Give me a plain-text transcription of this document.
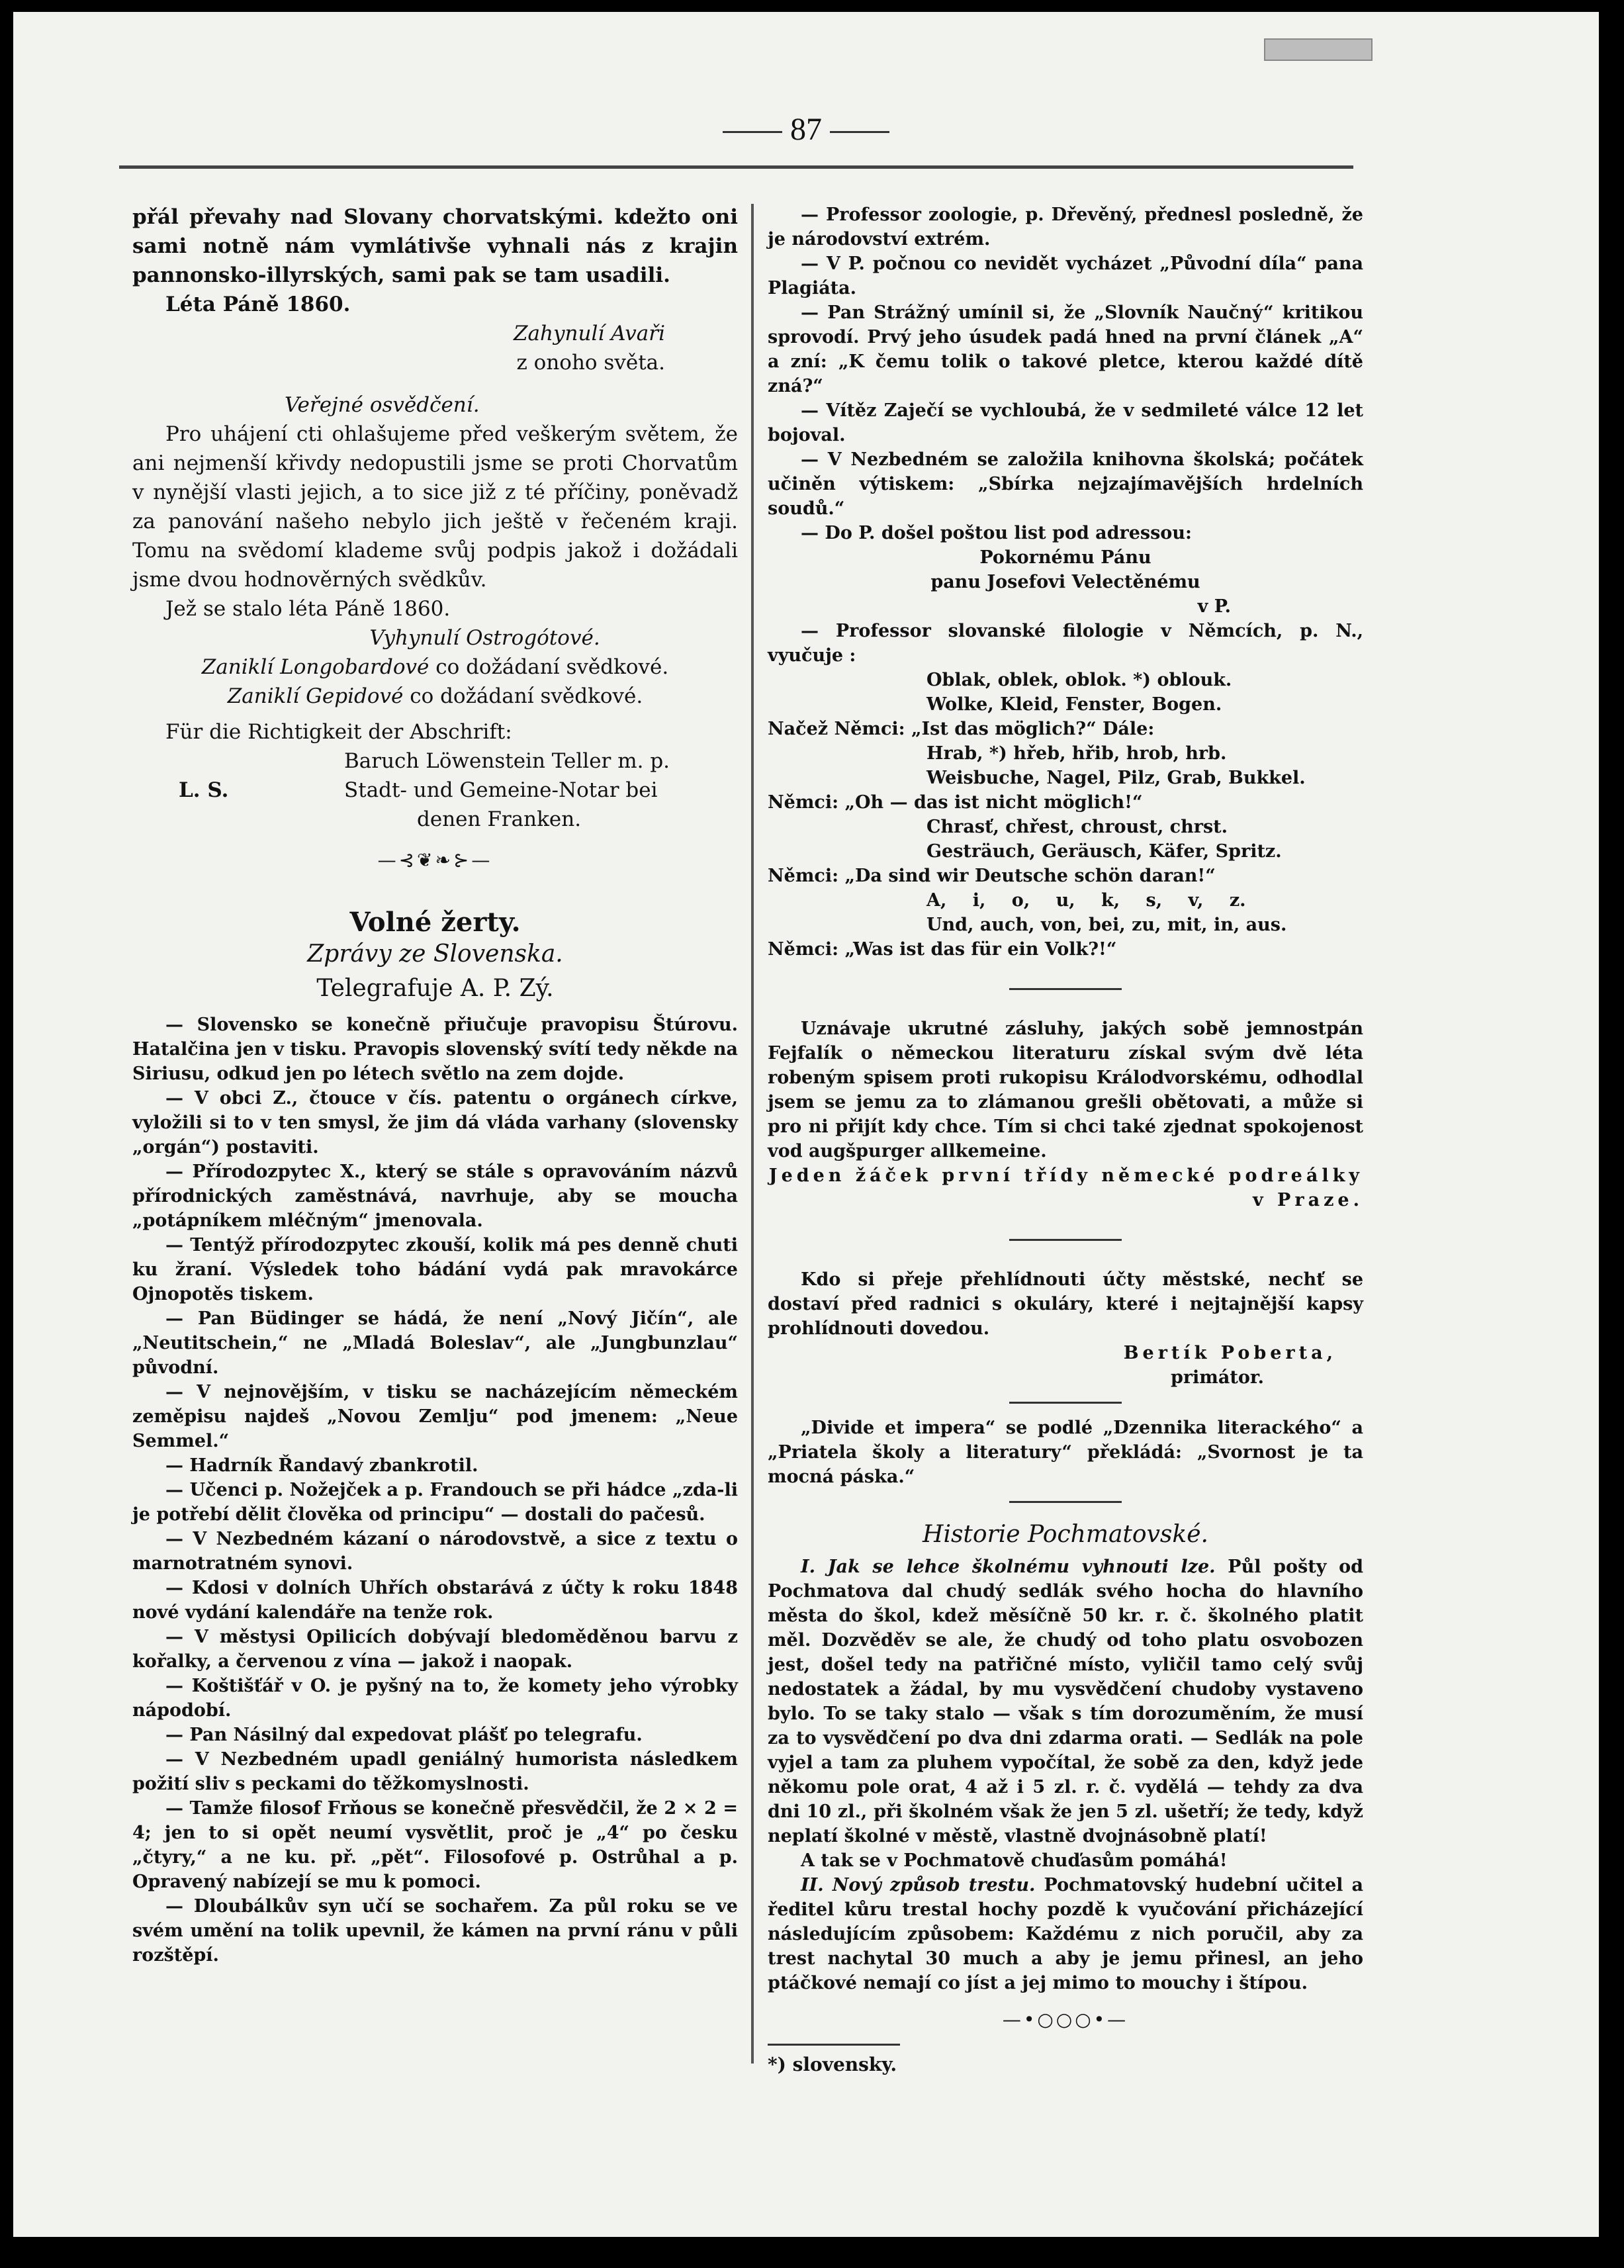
87

přál převahy nad Slovany chorvatskými. kdežto oni sami notně nám vymlátivše vyhnali nás z krajin pannonsko-illyrských, sami pak se tam usadili.

Léta Páně 1860.

Zahynulí Avaři

z onoho světa.

Veřejné osvědčení.

Pro uhájení cti ohlašujeme před veškerým světem, že ani nejmenší křivdy nedopustili jsme se proti Chorvatům v nynější vlasti jejich, a to sice již z té příčiny, poněvadž za panování našeho nebylo jich ještě v řečeném kraji. Tomu na svědomí klademe svůj podpis jakož i dožádali jsme dvou hodnověrných svědkův.

Jež se stalo léta Páně 1860.

Vyhynulí Ostrogótové.

Zaniklí Longobardové co dožádaní svědkové.

Zaniklí Gepidové co dožádaní svědkové.

Für die Richtigkeit der Abschrift:

Baruch Löwenstein Teller m. p.

L. S.	Stadt- und Gemeine-Notar bei

denen Franken.

—⊰❦❧⊱—
Volné žerty.

Zprávy ze Slovenska.

Telegrafuje A. P. Zý.

— Slovensko se konečně přiučuje pravopisu Štúrovu. Hatalčina jen v tisku. Pravopis slovenský svítí tedy někde na Siriusu, odkud jen po létech světlo na zem dojde.

— V obci Z., čtouce v čís. patentu o orgánech církve, vyložili si to v ten smysl, že jim dá vláda varhany (slovensky „orgán“) postaviti.

— Přírodozpytec X., který se stále s opravováním názvů přírodnických zaměstnává, navrhuje, aby se moucha „potápníkem mléčným“ jmenovala.

— Tentýž přírodozpytec zkouší, kolik má pes denně chuti ku žraní. Výsledek toho bádání vydá pak mravokárce Ojnopotěs tiskem.

— Pan Büdinger se hádá, že není „Nový Jičín“, ale „Neutitschein,“ ne „Mladá Boleslav“, ale „Jungbunzlau“ původní.

— V nejnovějším, v tisku se nacházejícím německém zeměpisu najdeš „Novou Zemlju“ pod jmenem: „Neue Semmel.“

— Hadrník Řandavý zbankrotil.

— Učenci p. Nožejček a p. Frandouch se při hádce „zda-li je potřebí dělit člověka od principu“ — dostali do pačesů.

— V Nezbedném kázaní o národovstvě, a sice z textu o marnotratném synovi.

— Kdosi v dolních Uhřích obstarává z účty k roku 1848 nové vydání kalendáře na tenže rok.

— V městysi Opilicích dobývají bledoměděnou barvu z kořalky, a červenou z vína — jakož i naopak.

— Koštišťář v O. je pyšný na to, že komety jeho výrobky nápodobí.

— Pan Násilný dal expedovat plášť po telegrafu.

— V Nezbedném upadl geniálný humorista následkem požití sliv s peckami do těžkomyslnosti.

— Tamže filosof Frňous se konečně přesvědčil, že 2 × 2 = 4; jen to si opět neumí vysvětlit, proč je „4“ po česku „čtyry,“ a ne ku. př. „pět“. Filosofové p. Ostrůhal a p. Opravený nabízejí se mu k pomoci.

— Dloubálkův syn učí se sochařem. Za půl roku se ve svém umění na tolik upevnil, že kámen na první ránu v půli rozštěpí.

— Professor zoologie, p. Dřevěný, přednesl posledně, že je národovství extrém.

— V P. počnou co nevidět vycházet „Původní díla“ pana Plagiáta.

— Pan Strážný umínil si, že „Slovník Naučný“ kritikou sprovodí. Prvý jeho úsudek padá hned na první článek „A“ a zní: „K čemu tolik o takové pletce, kterou každé dítě zná?“

— Vítěz Zaječí se vychloubá, že v sedmileté válce 12 let bojoval.

— V Nezbedném se založila knihovna školská; počátek učiněn výtiskem: „Sbírka nejzajímavějších hrdelních soudů.“

— Do P. došel poštou list pod adressou:

Pokornému Pánu

panu Josefovi Velectěnému

v P.

— Professor slovanské filologie v Němcích, p. N., vyučuje :

Oblak, oblek, oblok. *) oblouk.

Wolke, Kleid, Fenster, Bogen.

Načež Němci: „Ist das möglich?“ Dále:

Hrab, *) hřeb, hřib, hrob, hrb.

Weisbuche, Nagel, Pilz, Grab, Bukkel.

Němci: „Oh — das ist nicht möglich!“

Chrasť, chřest, chroust, chrst.

Gesträuch, Geräusch, Käfer, Spritz.

Němci: „Da sind wir Deutsche schön daran!“

A, i, o, u, k, s, v, z.

Und, auch, von, bei, zu, mit, in, aus.

Němci: „Was ist das für ein Volk?!“

Uznávaje ukrutné zásluhy, jakých sobě jemnostpán Fejfalík o německou literaturu získal svým dvě léta robeným spisem proti rukopisu Králodvorskému, odhodlal jsem se jemu za to zlámanou grešli obětovati, a může si pro ni přijít kdy chce. Tím si chci také zjednat spokojenost vod augšpurger allkemeine.

Jeden žáček první třídy německé podreálky v Praze.

Kdo si přeje přehlídnouti účty městské, nechť se dostaví před radnici s okuláry, které i nejtajnější kapsy prohlídnouti dovedou.

Bertík Poberta,

primátor.

„Divide et impera“ se podlé „Dzennika literackého“ a „Priatela školy a literatury“ překládá: „Svornost je ta mocná páska.“

Historie Pochmatovské.

I. Jak se lehce školnému vyhnouti lze. Půl pošty od Pochmatova dal chudý sedlák svého hocha do hlavního města do škol, kdež měsíčně 50 kr. r. č. školného platit měl. Dozvěděv se ale, že chudý od toho platu osvobozen jest, došel tedy na patřičné místo, vyličil tamo celý svůj nedostatek a žádal, by mu vysvědčení chudoby vystaveno bylo. To se taky stalo — však s tím dorozuměním, že musí za to vysvědčení po dva dni zdarma orati. — Sedlák na pole vyjel a tam za pluhem vypočítal, že sobě za den, když jede někomu pole orat, 4 až i 5 zl. r. č. vydělá — tehdy za dva dni 10 zl., při školném však že jen 5 zl. ušetří; že tedy, když neplatí školné v městě, vlastně dvojnásobně platí!

A tak se v Pochmatově chuďasům pomáhá!

II. Nový způsob trestu. Pochmatovský hudební učitel a ředitel kůru trestal hochy pozdě k vyučování přicházející následujícím způsobem: Každému z nich poručil, aby za trest nachytal 30 much a aby je jemu přinesl, an jeho ptáčkové nemají co jíst a jej mimo to mouchy i štípou.

—•○○○•—

*) slovensky.
